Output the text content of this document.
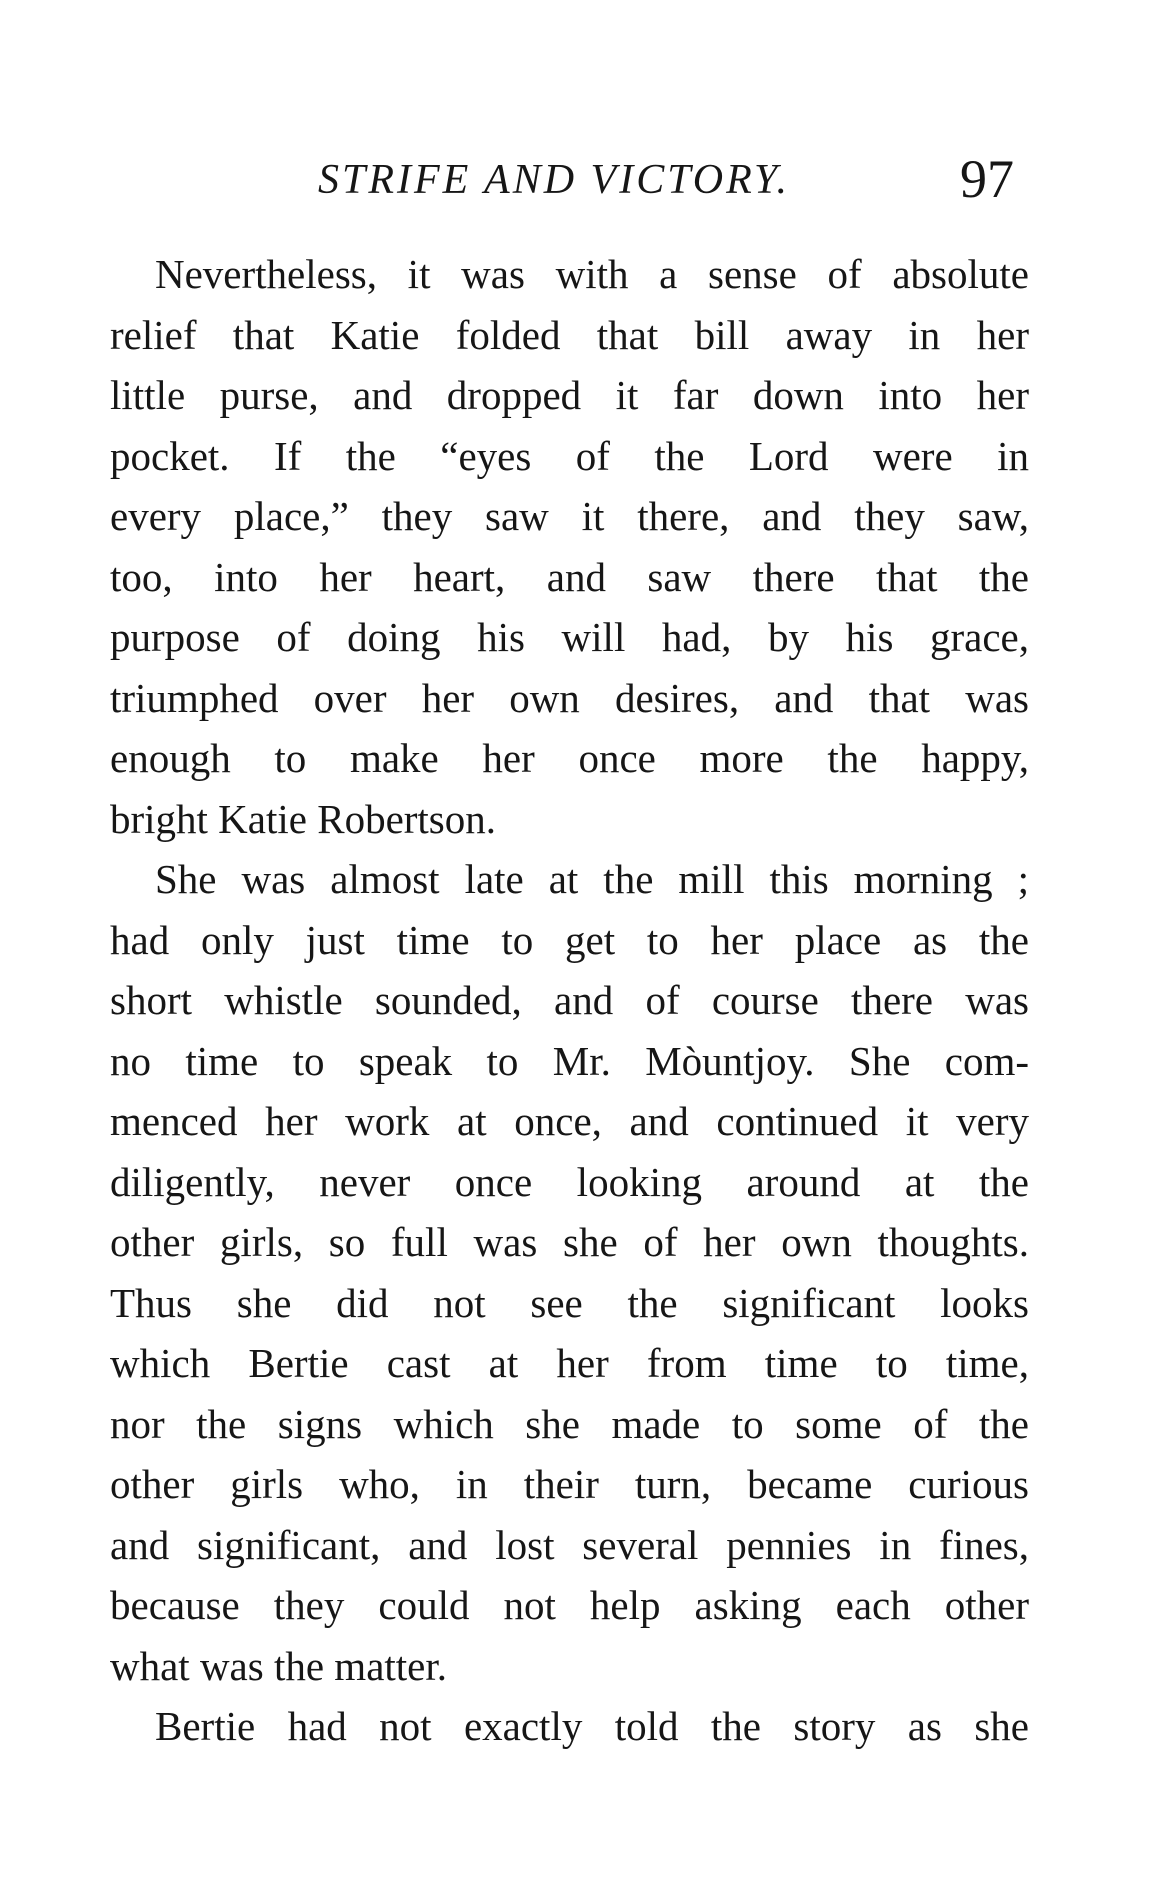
STRIFE AND VICTORY.	97
Nevertheless, it was with a sense of absolute
relief that Katie folded that bill away in her
little purse, and dropped it far down into her
pocket. If the “eyes of the Lord were in
every place,” they saw it there, and they saw,
too, into her heart, and saw there that the
purpose of doing his will had, by his grace,
triumphed over her own desires, and that was
enough to make her once more the happy,
bright Katie Robertson.
She was almost late at the mill this morning ;
had only just time to get to her place as the
short whistle sounded, and of course there was
no time to speak to Mr. Mòuntjoy. She com-
menced her work at once, and continued it very
diligently, never once looking around at the
other girls, so full was she of her own thoughts.
Thus she did not see the significant looks
which Bertie cast at her from time to time,
nor the signs which she made to some of the
other girls who, in their turn, became curious
and significant, and lost several pennies in fines,
because they could not help asking each other
what was the matter.
Bertie had not exactly told the story as she
